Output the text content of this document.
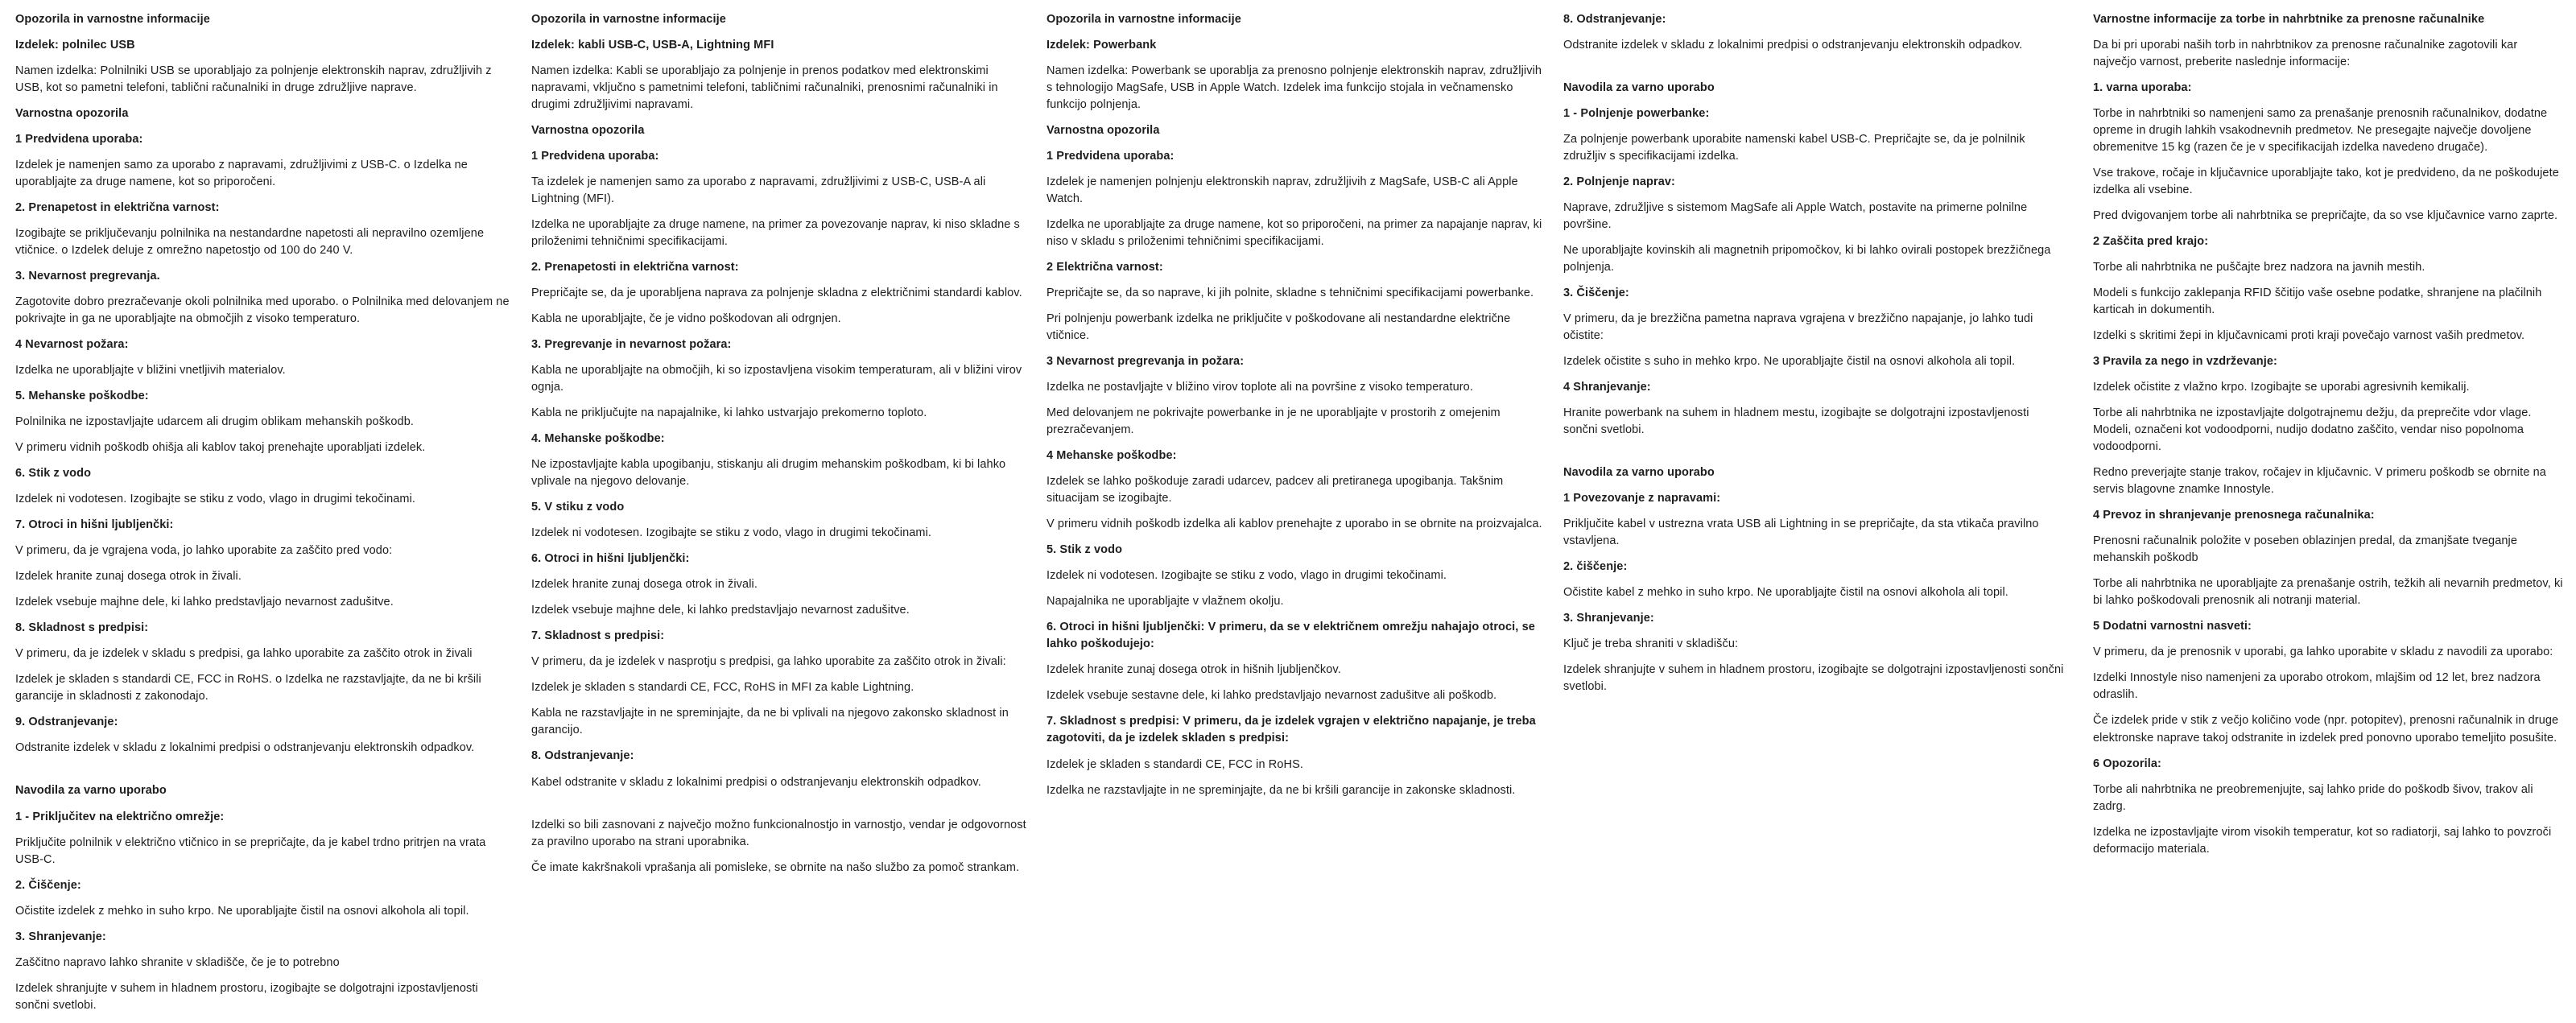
Opozorila in varnostne informacije
Izdelek: polnilec USB

Namen izdelka: Polnilniki USB se uporabljajo za polnjenje elektronskih naprav, združljivih z USB, kot so pametni telefoni, tablični računalniki in druge združljive naprave.

Varnostna opozorila
1 Predvidena uporaba:

Izdelek je namenjen samo za uporabo z napravami, združljivimi z USB-C. o Izdelka ne uporabljajte za druge namene, kot so priporočeni.

2. Prenapetost in električna varnost:

Izogibajte se priključevanju polnilnika na nestandardne napetosti ali nepravilno ozemljene vtičnice. o Izdelek deluje z omrežno napetostjo od 100 do 240 V.

3. Nevarnost pregrevanja.

Zagotovite dobro prezračevanje okoli polnilnika med uporabo. o Polnilnika med delovanjem ne pokrivajte in ga ne uporabljajte na območjih z visoko temperaturo.

4 Nevarnost požara:

Izdelka ne uporabljajte v bližini vnetljivih materialov.

5. Mehanske poškodbe:

Polnilnika ne izpostavljajte udarcem ali drugim oblikam mehanskih poškodb.

V primeru vidnih poškodb ohišja ali kablov takoj prenehajte uporabljati izdelek.

6. Stik z vodo

Izdelek ni vodotesen. Izogibajte se stiku z vodo, vlago in drugimi tekočinami.

7. Otroci in hišni ljubljenčki:

V primeru, da je vgrajena voda, jo lahko uporabite za zaščito pred vodo:

Izdelek hranite zunaj dosega otrok in živali.

Izdelek vsebuje majhne dele, ki lahko predstavljajo nevarnost zadušitve.

8. Skladnost s predpisi:

V primeru, da je izdelek v skladu s predpisi, ga lahko uporabite za zaščito otrok in živali

Izdelek je skladen s standardi CE, FCC in RoHS. o Izdelka ne razstavljajte, da ne bi kršili garancije in skladnosti z zakonodajo.

9. Odstranjevanje:

Odstranite izdelek v skladu z lokalnimi predpisi o odstranjevanju elektronskih odpadkov.

Navodila za varno uporabo
1 - Priključitev na električno omrežje:

Priključite polnilnik v električno vtičnico in se prepričajte, da je kabel trdno pritrjen na vrata USB-C.

2. Čiščenje:

Očistite izdelek z mehko in suho krpo. Ne uporabljajte čistil na osnovi alkohola ali topil.

3. Shranjevanje:

Zaščitno napravo lahko shranite v skladišče, če je to potrebno

Izdelek shranjujte v suhem in hladnem prostoru, izogibajte se dolgotrajni izpostavljenosti sončni svetlobi.

Opozorila in varnostne informacije
Izdelek: kabli USB-C, USB-A, Lightning MFI

Namen izdelka: Kabli se uporabljajo za polnjenje in prenos podatkov med elektronskimi napravami, vključno s pametnimi telefoni, tabličnimi računalniki, prenosnimi računalniki in drugimi združljivimi napravami.

Varnostna opozorila
1 Predvidena uporaba:

Ta izdelek je namenjen samo za uporabo z napravami, združljivimi z USB-C, USB-A ali Lightning (MFI).

Izdelka ne uporabljajte za druge namene, na primer za povezovanje naprav, ki niso skladne s priloženimi tehničnimi specifikacijami.

2. Prenapetosti in električna varnost:

Prepričajte se, da je uporabljena naprava za polnjenje skladna z električnimi standardi kablov.

Kabla ne uporabljajte, če je vidno poškodovan ali odrgnjen.

3. Pregrevanje in nevarnost požara:

Kabla ne uporabljajte na območjih, ki so izpostavljena visokim temperaturam, ali v bližini virov ognja.

Kabla ne priključujte na napajalnike, ki lahko ustvarjajo prekomerno toploto.

4. Mehanske poškodbe:

Ne izpostavljajte kabla upogibanju, stiskanju ali drugim mehanskim poškodbam, ki bi lahko vplivale na njegovo delovanje.

5. V stiku z vodo

Izdelek ni vodotesen. Izogibajte se stiku z vodo, vlago in drugimi tekočinami.

6. Otroci in hišni ljubljenčki:

Izdelek hranite zunaj dosega otrok in živali.

Izdelek vsebuje majhne dele, ki lahko predstavljajo nevarnost zadušitve.

7. Skladnost s predpisi:

V primeru, da je izdelek v nasprotju s predpisi, ga lahko uporabite za zaščito otrok in živali:

Izdelek je skladen s standardi CE, FCC, RoHS in MFI za kable Lightning.

Kabla ne razstavljajte in ne spreminjajte, da ne bi vplivali na njegovo zakonsko skladnost in garancijo.

8. Odstranjevanje:

Kabel odstranite v skladu z lokalnimi predpisi o odstranjevanju elektronskih odpadkov.

Izdelki so bili zasnovani z največjo možno funkcionalnostjo in varnostjo, vendar je odgovornost za pravilno uporabo na strani uporabnika.

Če imate kakršnakoli vprašanja ali pomisleke, se obrnite na našo službo za pomoč strankam.

Opozorila in varnostne informacije
Izdelek: Powerbank

Namen izdelka: Powerbank se uporablja za prenosno polnjenje elektronskih naprav, združljivih s tehnologijo MagSafe, USB in Apple Watch. Izdelek ima funkcijo stojala in večnamensko funkcijo polnjenja.

Varnostna opozorila
1 Predvidena uporaba:

Izdelek je namenjen polnjenju elektronskih naprav, združljivih z MagSafe, USB-C ali Apple Watch.

Izdelka ne uporabljajte za druge namene, kot so priporočeni, na primer za napajanje naprav, ki niso v skladu s priloženimi tehničnimi specifikacijami.

2 Električna varnost:

Prepričajte se, da so naprave, ki jih polnite, skladne s tehničnimi specifikacijami powerbanke.

Pri polnjenju powerbank izdelka ne priključite v poškodovane ali nestandardne električne vtičnice.

3 Nevarnost pregrevanja in požara:

Izdelka ne postavljajte v bližino virov toplote ali na površine z visoko temperaturo.

Med delovanjem ne pokrivajte powerbanke in je ne uporabljajte v prostorih z omejenim prezračevanjem.

4 Mehanske poškodbe:

Izdelek se lahko poškoduje zaradi udarcev, padcev ali pretiranega upogibanja. Takšnim situacijam se izogibajte.

V primeru vidnih poškodb izdelka ali kablov prenehajte z uporabo in se obrnite na proizvajalca.

5. Stik z vodo

Izdelek ni vodotesen. Izogibajte se stiku z vodo, vlago in drugimi tekočinami.

Napajalnika ne uporabljajte v vlažnem okolju.

6. Otroci in hišni ljubljenčki: V primeru, da se v električnem omrežju nahajajo otroci, se lahko poškodujejo:

Izdelek hranite zunaj dosega otrok in hišnih ljubljenčkov.

Izdelek vsebuje sestavne dele, ki lahko predstavljajo nevarnost zadušitve ali poškodb.

7. Skladnost s predpisi: V primeru, da je izdelek vgrajen v električno napajanje, je treba zagotoviti, da je izdelek skladen s predpisi:

Izdelek je skladen s standardi CE, FCC in RoHS.

Izdelka ne razstavljajte in ne spreminjajte, da ne bi kršili garancije in zakonske skladnosti.

8. Odstranjevanje:

Odstranite izdelek v skladu z lokalnimi predpisi o odstranjevanju elektronskih odpadkov.

Navodila za varno uporabo
1 - Polnjenje powerbanke:

Za polnjenje powerbank uporabite namenski kabel USB-C. Prepričajte se, da je polnilnik združljiv s specifikacijami izdelka.

2. Polnjenje naprav:

Naprave, združljive s sistemom MagSafe ali Apple Watch, postavite na primerne polnilne površine.

Ne uporabljajte kovinskih ali magnetnih pripomočkov, ki bi lahko ovirali postopek brezžičnega polnjenja.

3. Čiščenje:

V primeru, da je brezžična pametna naprava vgrajena v brezžično napajanje, jo lahko tudi očistite:

Izdelek očistite s suho in mehko krpo. Ne uporabljajte čistil na osnovi alkohola ali topil.

4 Shranjevanje:

Hranite powerbank na suhem in hladnem mestu, izogibajte se dolgotrajni izpostavljenosti sončni svetlobi.

Navodila za varno uporabo
1 Povezovanje z napravami:

Priključite kabel v ustrezna vrata USB ali Lightning in se prepričajte, da sta vtikača pravilno vstavljena.

2. čiščenje:

Očistite kabel z mehko in suho krpo. Ne uporabljajte čistil na osnovi alkohola ali topil.

3. Shranjevanje:

Ključ je treba shraniti v skladišču:

Izdelek shranjujte v suhem in hladnem prostoru, izogibajte se dolgotrajni izpostavljenosti sončni svetlobi.

Varnostne informacije za torbe in nahrbtnike za prenosne računalnike

Da bi pri uporabi naših torb in nahrbtnikov za prenosne računalnike zagotovili kar največjo varnost, preberite naslednje informacije:

1. varna uporaba:

Torbe in nahrbtniki so namenjeni samo za prenašanje prenosnih računalnikov, dodatne opreme in drugih lahkih vsakodnevnih predmetov. Ne presegajte največje dovoljene obremenitve 15 kg (razen če je v specifikacijah izdelka navedeno drugače).

Vse trakove, ročaje in ključavnice uporabljajte tako, kot je predvideno, da ne poškodujete izdelka ali vsebine.

Pred dvigovanjem torbe ali nahrbtnika se prepričajte, da so vse ključavnice varno zaprte.

2 Zaščita pred krajo:

Torbe ali nahrbtnika ne puščajte brez nadzora na javnih mestih.

Modeli s funkcijo zaklepanja RFID ščitijo vaše osebne podatke, shranjene na plačilnih karticah in dokumentih.

Izdelki s skritimi žepi in ključavnicami proti kraji povečajo varnost vaših predmetov.

3 Pravila za nego in vzdrževanje:

Izdelek očistite z vlažno krpo. Izogibajte se uporabi agresivnih kemikalij.

Torbe ali nahrbtnika ne izpostavljajte dolgotrajnemu dežju, da preprečite vdor vlage. Modeli, označeni kot vodoodporni, nudijo dodatno zaščito, vendar niso popolnoma vodoodporni.

Redno preverjajte stanje trakov, ročajev in ključavnic. V primeru poškodb se obrnite na servis blagovne znamke Innostyle.

4 Prevoz in shranjevanje prenosnega računalnika:

Prenosni računalnik položite v poseben oblazinjen predal, da zmanjšate tveganje mehanskih poškodb

Torbe ali nahrbtnika ne uporabljajte za prenašanje ostrih, težkih ali nevarnih predmetov, ki bi lahko poškodovali prenosnik ali notranji material.

5 Dodatni varnostni nasveti:

V primeru, da je prenosnik v uporabi, ga lahko uporabite v skladu z navodili za uporabo:

Izdelki Innostyle niso namenjeni za uporabo otrokom, mlajšim od 12 let, brez nadzora odraslih.

Če izdelek pride v stik z večjo količino vode (npr. potopitev), prenosni računalnik in druge elektronske naprave takoj odstranite in izdelek pred ponovno uporabo temeljito posušite.

6 Opozorila:

Torbe ali nahrbtnika ne preobremenjujte, saj lahko pride do poškodb šivov, trakov ali zadrg.

Izdelka ne izpostavljajte virom visokih temperatur, kot so radiatorji, saj lahko to povzroči deformacijo materiala.
